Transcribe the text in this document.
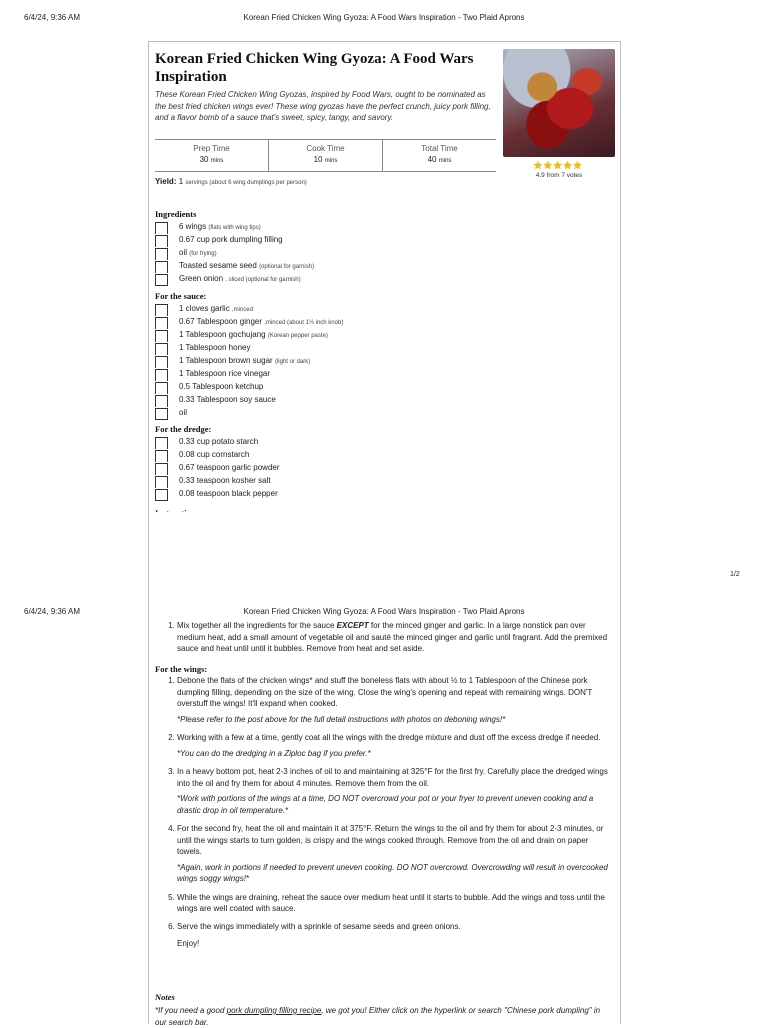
6/4/24, 9:36 AM	Korean Fried Chicken Wing Gyoza: A Food Wars Inspiration - Two Plaid Aprons
Korean Fried Chicken Wing Gyoza: A Food Wars Inspiration
These Korean Fried Chicken Wing Gyozas, inspired by Food Wars, ought to be nominated as the best fried chicken wings ever! These wing gyozas have the perfect crunch, juicy pork filling, and a flavor bomb of a sauce that's sweet, spicy, tangy, and savory.
★★★★★
4.9 from 7 votes
Prep Time
30 mins
Cook Time
10 mins
Total Time
40 mins
Yield: 1 servings (about 6 wing dumplings per person)
Ingredients
6 wings (flats with wing tips)
0.67 cup pork dumpling filling
oil (for frying)
Toasted sesame seed (optional for garnish)
Green onion , sliced (optional for garnish)
For the sauce:
1 cloves garlic ,minced
0.67 Tablespoon ginger ,minced (about 1½ inch knob)
1 Tablespoon gochujang (Korean pepper paste)
1 Tablespoon honey
1 Tablespoon brown sugar (light or dark)
1 Tablespoon rice vinegar
0.5 Tablespoon ketchup
0.33 Tablespoon soy sauce
oil
For the dredge:
0.33 cup potato starch
0.08 cup cornstarch
0.67 teaspoon garlic powder
0.33 teaspoon kosher salt
0.08 teaspoon black pepper
1.
1. Mix together all the ingredients for the sauce EXCEPT for the minced ginger and garlic. In a large nonstick pan over medium heat, add a small amount of vegetable oil and sauté the minced ginger and garlic until fragrant. Add the premixed sauce and heat until until it bubbles. Remove from heat and set aside.
For the wings:
1. Debone the flats of the chicken wings* and stuff the boneless flats with about ½ to 1 Tablespoon of the Chinese pork dumpling filling, depending on the size of the wing. Close the wing's opening and repeat with remaining wings. DON'T overstuff the wings! It'll expand when cooked.
*Please refer to the post above for the full detail instructions with photos on deboning wings!*
2. Working with a few at a time, gently coat all the wings with the dredge mixture and dust off the excess dredge if needed.
*You can do the dredging in a Ziploc bag if you prefer.*
3. In a heavy bottom pot, heat 2-3 inches of oil to and maintaining at 325°F for the first fry. Carefully place the dredged wings into the oil and fry them for about 4 minutes. Remove them from the oil.
*Work with portions of the wings at a time, DO NOT overcrowd your pot or your fryer to prevent uneven cooking and a drastic drop in oil temperature.*
4. For the second fry, heat the oil and maintain it at 375°F. Return the wings to the oil and fry them for about 2-3 minutes, or until the wings starts to turn golden, is crispy and the wings cooked through. Remove from the oil and drain on paper towels.
*Again, work in portions if needed to prevent uneven cooking. DO NOT overcrowd. Overcrowding will result in overcooked wings soggy wings!*
5. While the wings are draining, reheat the sauce over medium heat until it starts to bubble. Add the wings and toss until the wings are well coated with sauce.
6. Serve the wings immediately with a sprinkle of sesame seeds and green onions.
Enjoy!
Notes
*If you need a good pork dumpling filling recipe, we got you! Either click on the hyperlink or search "Chinese pork dumpling" in our search bar.
6/4/24, 9:36 AM	Korean Fried Chicken Wing Gyoza: A Food Wars Inspiration - Two Plaid Aprons
1/2
